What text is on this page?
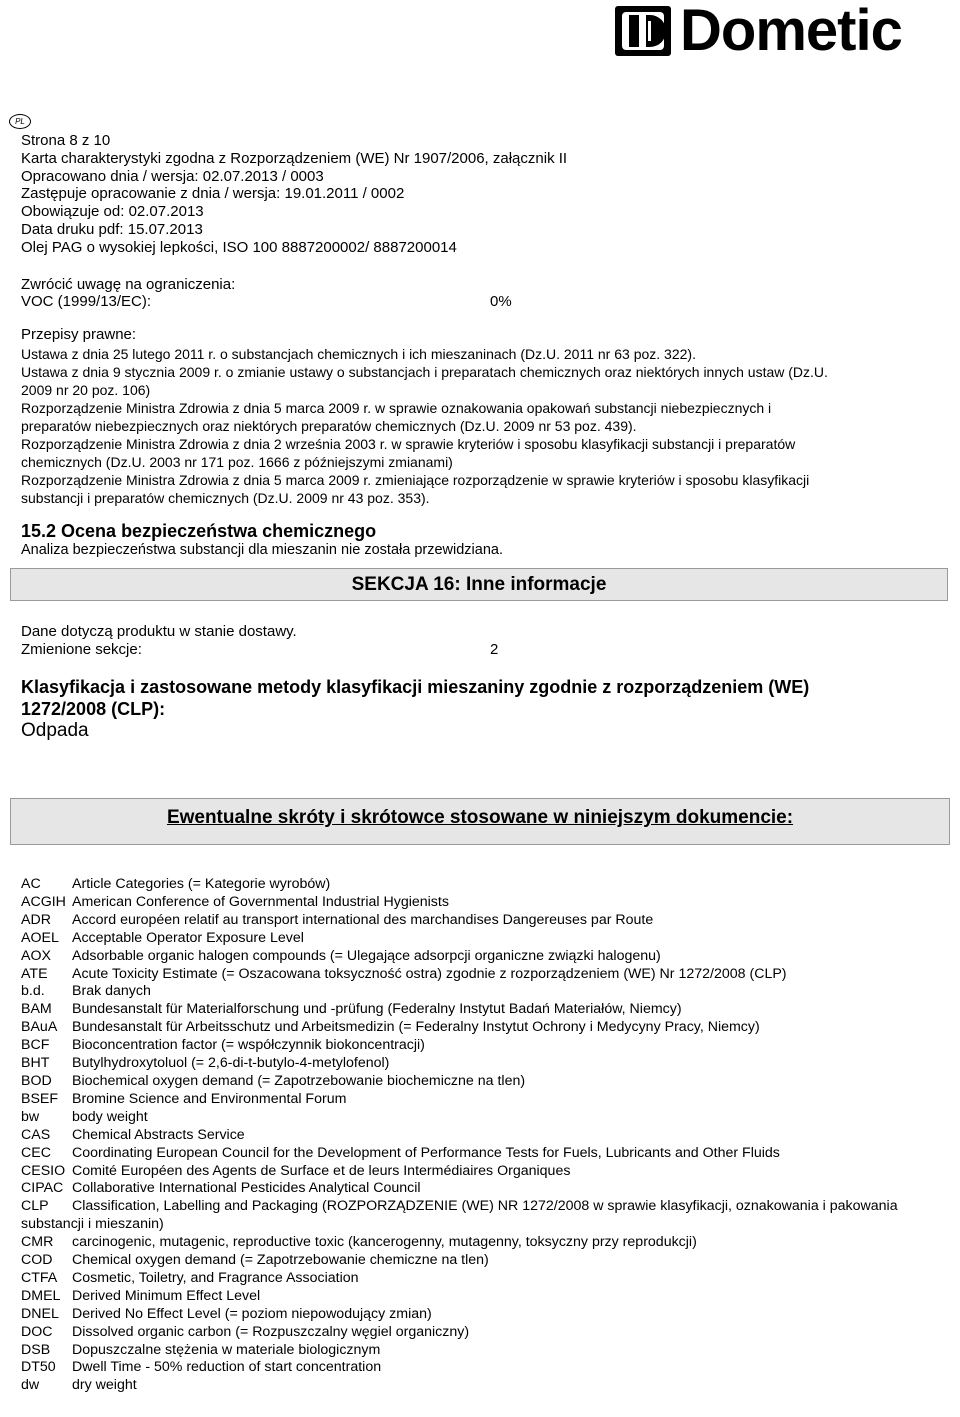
Dometic
PL
Strona 8 z 10
Karta charakterystyki zgodna z Rozporządzeniem (WE) Nr 1907/2006, załącznik II
Opracowano dnia / wersja: 02.07.2013 / 0003
Zastępuje opracowanie z dnia / wersja: 19.01.2011 / 0002
Obowiązuje od: 02.07.2013
Data druku pdf: 15.07.2013
Olej PAG o wysokiej lepkości, ISO 100 8887200002/ 8887200014
Zwrócić uwagę na ograniczenia:
VOC (1999/13/EC):	0%
Przepisy prawne:
Ustawa z dnia 25 lutego 2011 r. o substancjach chemicznych i ich mieszaninach (Dz.U. 2011 nr 63 poz. 322).
Ustawa z dnia 9 stycznia 2009 r. o zmianie ustawy o substancjach i preparatach chemicznych oraz niektórych innych ustaw (Dz.U.
2009 nr 20 poz. 106)
Rozporządzenie Ministra Zdrowia z dnia 5 marca 2009 r. w sprawie oznakowania opakowań substancji niebezpiecznych i
preparatów niebezpiecznych oraz niektórych preparatów chemicznych (Dz.U. 2009 nr 53 poz. 439).
Rozporządzenie Ministra Zdrowia z dnia 2 września 2003 r. w sprawie kryteriów i sposobu klasyfikacji substancji i preparatów
chemicznych (Dz.U. 2003 nr 171 poz. 1666 z późniejszymi zmianami)
Rozporządzenie Ministra Zdrowia z dnia 5 marca 2009 r. zmieniające rozporządzenie w sprawie kryteriów i sposobu klasyfikacji
substancji i preparatów chemicznych (Dz.U. 2009 nr 43 poz. 353).
15.2 Ocena bezpieczeństwa chemicznego
Analiza bezpieczeństwa substancji dla mieszanin nie została przewidziana.
SEKCJA 16: Inne informacje
Dane dotyczą produktu w stanie dostawy.
Zmienione sekcje:	2
Klasyfikacja i zastosowane metody klasyfikacji mieszaniny zgodnie z rozporządzeniem (WE)
1272/2008 (CLP):
Odpada
Ewentualne skróty i skrótowce stosowane w niniejszym dokumencie:
AC	Article Categories (= Kategorie wyrobów)
ACGIH American Conference of Governmental Industrial Hygienists
ADR	Accord européen relatif au transport international des marchandises Dangereuses par Route
AOEL Acceptable Operator Exposure Level
AOX	Adsorbable organic halogen compounds (= Ulegające adsorpcji organiczne związki halogenu)
ATE	Acute Toxicity Estimate (= Oszacowana toksyczność ostra) zgodnie z rozporządzeniem (WE) Nr 1272/2008 (CLP)
b.d.	Brak danych
BAM	Bundesanstalt für Materialforschung und -prüfung (Federalny Instytut Badań Materiałów, Niemcy)
BAuA	Bundesanstalt für Arbeitsschutz und Arbeitsmedizin (= Federalny Instytut Ochrony i Medycyny Pracy, Niemcy)
BCF	Bioconcentration factor (= współczynnik biokoncentracji)
BHT	Butylhydroxytoluol (= 2,6-di-t-butylo-4-metylofenol)
BOD	Biochemical oxygen demand (= Zapotrzebowanie biochemiczne na tlen)
BSEF Bromine Science and Environmental Forum
bw	body weight
CAS	Chemical Abstracts Service
CEC	Coordinating European Council for the Development of Performance Tests for Fuels, Lubricants and Other Fluids
CESIO Comité Européen des Agents de Surface et de leurs Intermédiaires Organiques
CIPAC Collaborative International Pesticides Analytical Council
CLP Classification, Labelling and Packaging (ROZPORZĄDZENIE (WE) NR 1272/2008 w sprawie klasyfikacji, oznakowania i pakowania substancji i mieszanin)
CMR	carcinogenic, mutagenic, reproductive toxic (kancerogenny, mutagenny, toksyczny przy reprodukcji)
COD	Chemical oxygen demand (= Zapotrzebowanie chemiczne na tlen)
CTFA	Cosmetic, Toiletry, and Fragrance Association
DMEL Derived Minimum Effect Level
DNEL Derived No Effect Level (= poziom niepowodujący zmian)
DOC	Dissolved organic carbon (= Rozpuszczalny węgiel organiczny)
DSB	Dopuszczalne stężenia w materiale biologicznym
DT50	Dwell Time - 50% reduction of start concentration
dw	dry weight
